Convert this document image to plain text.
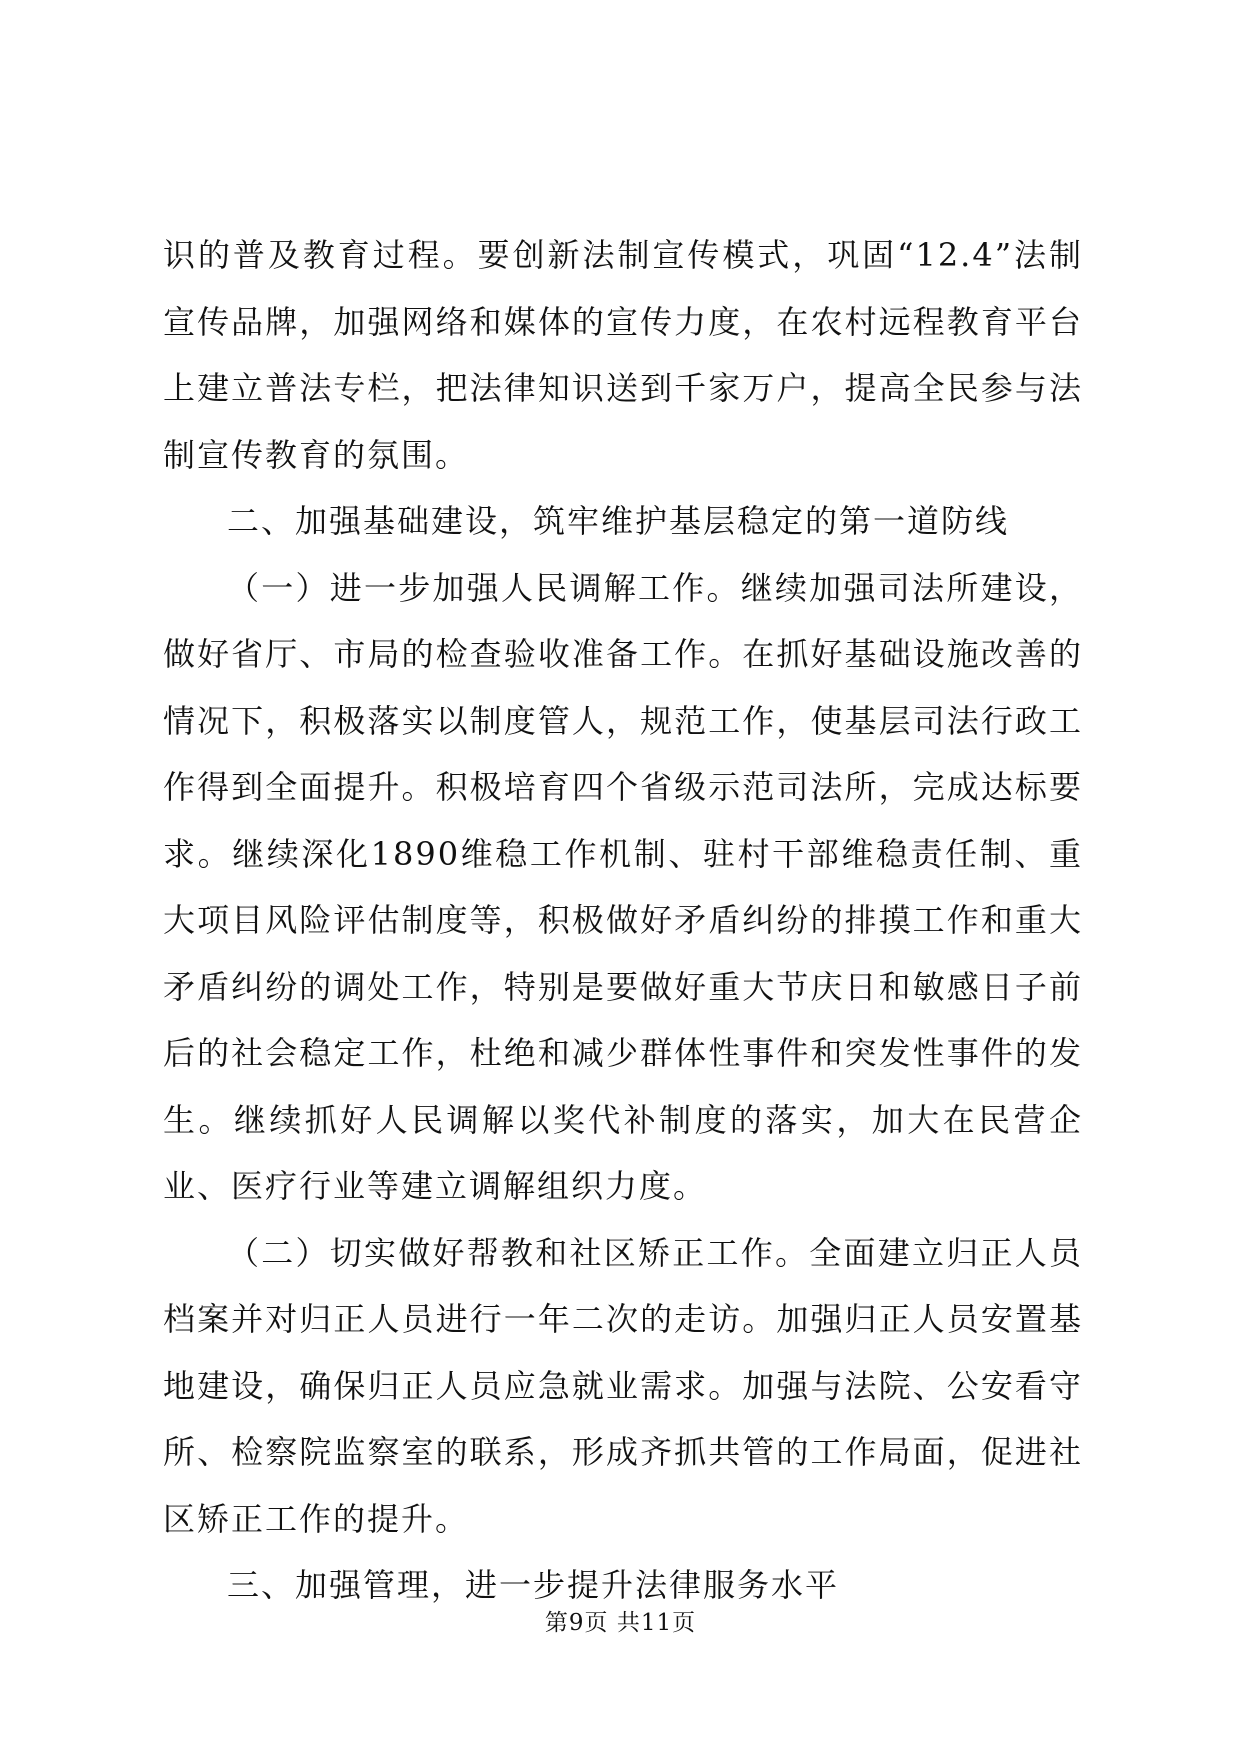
识的普及教育过程。要创新法制宣传模式，巩固“12.4”法制宣传品牌，加强网络和媒体的宣传力度，在农村远程教育平台上建立普法专栏，把法律知识送到千家万户，提高全民参与法制宣传教育的氛围。

二、加强基础建设，筑牢维护基层稳定的第一道防线

（一）进一步加强人民调解工作。继续加强司法所建设，做好省厅、市局的检查验收准备工作。在抓好基础设施改善的情况下，积极落实以制度管人，规范工作，使基层司法行政工作得到全面提升。积极培育四个省级示范司法所，完成达标要求。继续深化1890维稳工作机制、驻村干部维稳责任制、重大项目风险评估制度等，积极做好矛盾纠纷的排摸工作和重大矛盾纠纷的调处工作，特别是要做好重大节庆日和敏感日子前后的社会稳定工作，杜绝和减少群体性事件和突发性事件的发生。继续抓好人民调解以奖代补制度的落实，加大在民营企业、医疗行业等建立调解组织力度。

（二）切实做好帮教和社区矫正工作。全面建立归正人员档案并对归正人员进行一年二次的走访。加强归正人员安置基地建设，确保归正人员应急就业需求。加强与法院、公安看守所、检察院监察室的联系，形成齐抓共管的工作局面，促进社区矫正工作的提升。

三、加强管理，进一步提升法律服务水平

第9页 共11页
